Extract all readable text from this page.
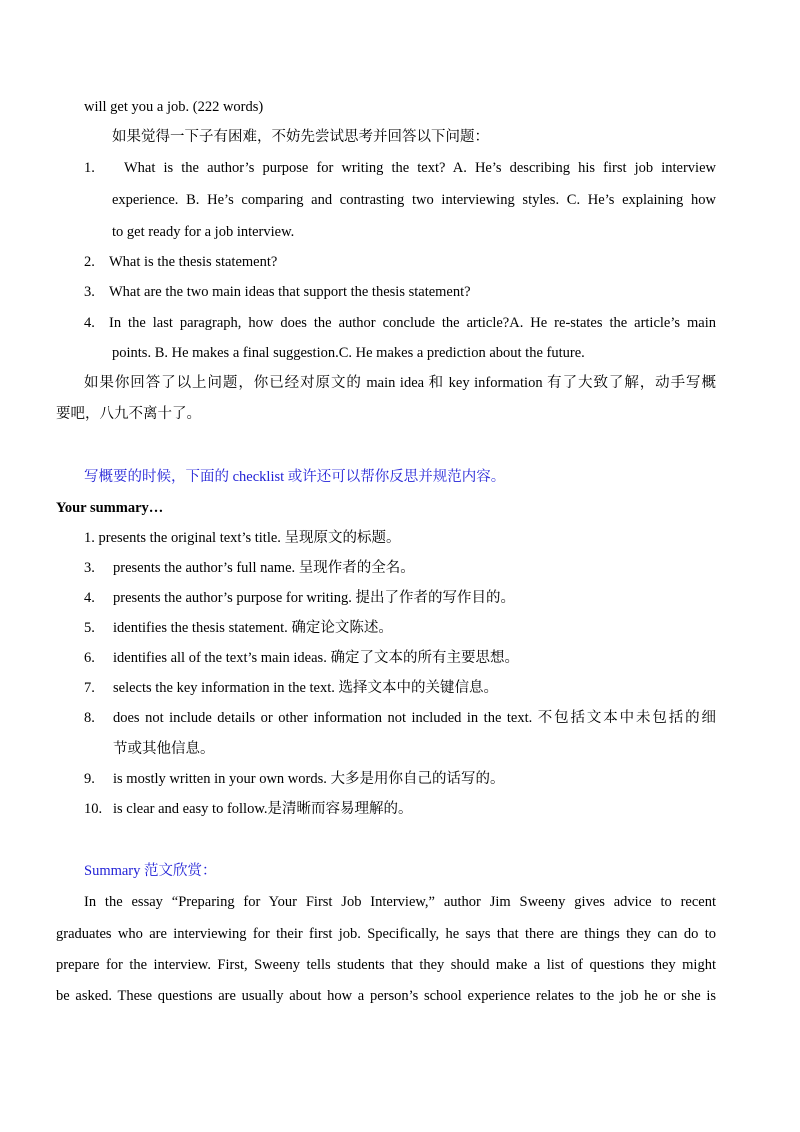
will get you a job. (222 words)
如果觉得一下子有困难，不妨先尝试思考并回答以下问题：
1. What is the author’s purpose for writing the text? A. He’s describing his first job interview
experience. B. He’s comparing and contrasting two interviewing styles. C. He’s explaining how
to get ready for a job interview.
2. What is the thesis statement?
3. What are the two main ideas that support the thesis statement?
4. In the last paragraph, how does the author conclude the article?A. He re-states the article’s main
points. B. He makes a final suggestion.C. He makes a prediction about the future.
如果你回答了以上问题，你已经对原文的 main idea 和 key information 有了大致了解，动手写概
要吧，八九不离十了。
写概要的时候，下面的 checklist 或许还可以帮你反思并规范内容。
Your summary…
1. presents the original text’s title. 呈现原文的标题。
3. presents the author’s full name. 呈现作者的全名。
4. presents the author’s purpose for writing. 提出了作者的写作目的。
5. identifies the thesis statement. 确定论文陈述。
6. identifies all of the text’s main ideas. 确定了文本的所有主要思想。
7. selects the key information in the text. 选择文本中的关键信息。
8. does not include details or other information not included in the text. 不包括文本中未包括的细
节或其他信息。
9. is mostly written in your own words. 大多是用你自己的话写的。
10. is clear and easy to follow.是清晰而容易理解的。
Summary 范文欣赏：
In the essay “Preparing for Your First Job Interview,” author Jim Sweeny gives advice to recent
graduates who are interviewing for their first job. Specifically, he says that there are things they can do to
prepare for the interview. First, Sweeny tells students that they should make a list of questions they might
be asked. These questions are usually about how a person’s school experience relates to the job he or she is
